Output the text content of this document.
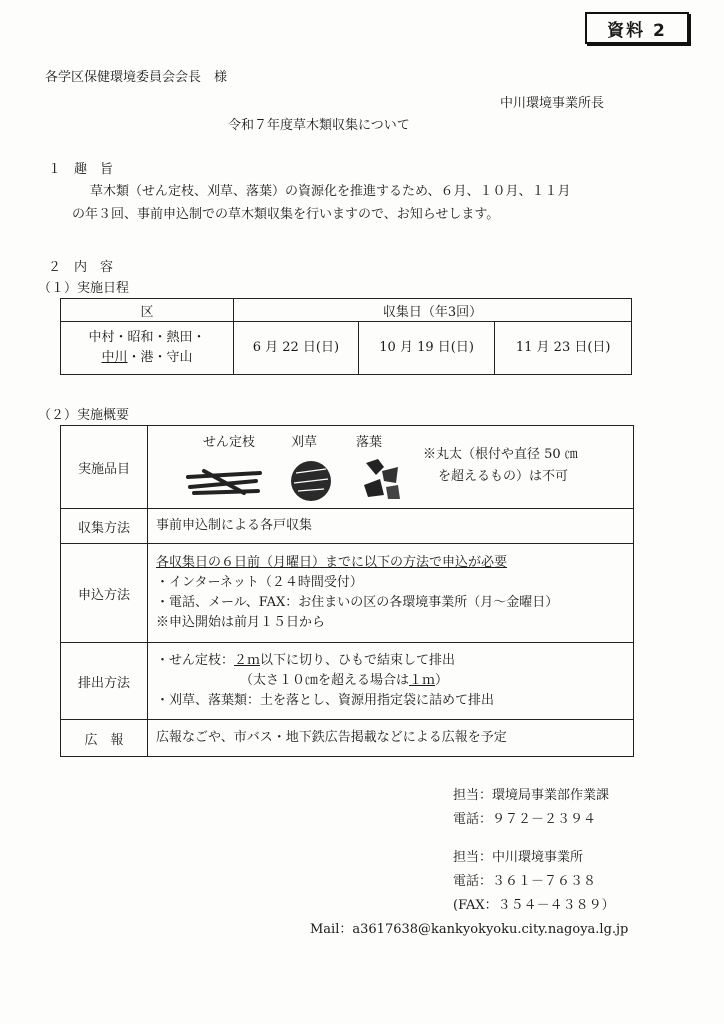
資料 2
各学区保健環境委員会会長　様
中川環境事業所長
令和７年度草木類収集について
１　趣　旨
草木類（せん定枝、刈草、落葉）の資源化を推進するため、６月、１０月、１１月
の年３回、事前申込制での草木類収集を行いますので、お知らせします。
２　内　容
（１）実施日程
区	収集日（年3回）		
中村・昭和・熱田・
中川・港・守山	6 月 22 日(日)	10 月 19 日(日)	11 月 23 日(日)
（２）実施概要
実施品目	せん定枝 刈草 落葉
※丸太（根付や直径 50 ㎝
を超えるもの）は不可

収集方法	事前申込制による各戸収集
申込方法	各収集日の６日前（月曜日）までに以下の方法で申込が必要
・インターネット（２４時間受付）
・電話、メール、FAX：お住まいの区の各環境事業所（月～金曜日）
※申込開始は前月１５日から
排出方法	・せん定枝：２ｍ以下に切り、ひもで結束して排出
（太さ１０㎝を超える場合は１ｍ）
・刈草、落葉類：土を落とし、資源用指定袋に詰めて排出
広　報	広報なごや、市バス・地下鉄広告掲載などによる広報を予定
担当：環境局事業部作業課
電話：９７２－２３９４
担当：中川環境事業所
電話：３６１－７６３８
(FAX：３５４－４３８９）
Mail：a3617638@kankyokyoku.city.nagoya.lg.jp
